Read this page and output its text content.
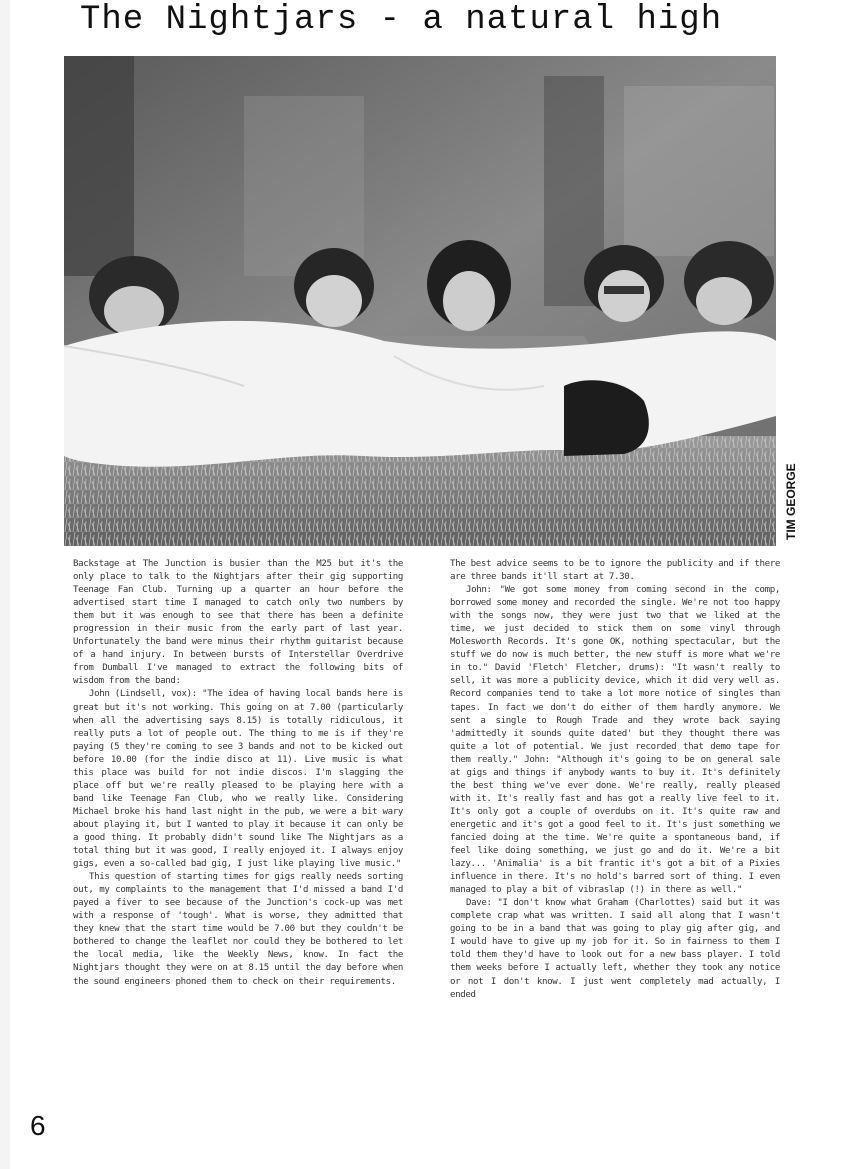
The Nightjars - a natural high
TIM GEORGE

Backstage at The Junction is busier than the M25 but it's the only place to talk to the Nightjars after their gig supporting Teenage Fan Club. Turning up a quarter an hour before the advertised start time I managed to catch only two numbers by them but it was enough to see that there has been a definite progression in their music from the early part of last year. Unfortunately the band were minus their rhythm guitarist because of a hand injury. In between bursts of Interstellar Overdrive from Dumball I've managed to extract the following bits of wisdom from the band:

John (Lindsell, vox): "The idea of having local bands here is great but it's not working. This going on at 7.00 (particularly when all the advertising says 8.15) is totally ridiculous, it really puts a lot of people out. The thing to me is if they're paying (5 they're coming to see 3 bands and not to be kicked out before 10.00 (for the indie disco at 11). Live music is what this place was build for not indie discos. I'm slagging the place off but we're really pleased to be playing here with a band like Teenage Fan Club, who we really like. Considering Michael broke his hand last night in the pub, we were a bit wary about playing it, but I wanted to play it because it can only be a good thing. It probably didn't sound like The Nightjars as a total thing but it was good, I really enjoyed it. I always enjoy gigs, even a so-called bad gig, I just like playing live music."

This question of starting times for gigs really needs sorting out, my complaints to the management that I'd missed a band I'd payed a fiver to see because of the Junction's cock-up was met with a response of 'tough'. What is worse, they admitted that they knew that the start time would be 7.00 but they couldn't be bothered to change the leaflet nor could they be bothered to let the local media, like the Weekly News, know. In fact the Nightjars thought they were on at 8.15 until the day before when the sound engineers phoned them to check on their requirements.

The best advice seems to be to ignore the publicity and if there are three bands it'll start at 7.30.

John: "We got some money from coming second in the comp, borrowed some money and recorded the single. We're not too happy with the songs now, they were just two that we liked at the time, we just decided to stick them on some vinyl through Molesworth Records. It's gone OK, nothing spectacular, but the stuff we do now is much better, the new stuff is more what we're in to." David 'Fletch' Fletcher, drums): "It wasn't really to sell, it was more a publicity device, which it did very well as. Record companies tend to take a lot more notice of singles than tapes. In fact we don't do either of them hardly anymore. We sent a single to Rough Trade and they wrote back saying 'admittedly it sounds quite dated' but they thought there was quite a lot of potential. We just recorded that demo tape for them really." John: "Although it's going to be on general sale at gigs and things if anybody wants to buy it. It's definitely the best thing we've ever done. We're really, really pleased with it. It's really fast and has got a really live feel to it. It's only got a couple of overdubs on it. It's quite raw and energetic and it's got a good feel to it. It's just something we fancied doing at the time. We're quite a spontaneous band, if feel like doing something, we just go and do it. We're a bit lazy... 'Animalia' is a bit frantic it's got a bit of a Pixies influence in there. It's no hold's barred sort of thing. I even managed to play a bit of vibraslap (!) in there as well."

Dave: "I don't know what Graham (Charlottes) said but it was complete crap what was written. I said all along that I wasn't going to be in a band that was going to play gig after gig, and I would have to give up my job for it. So in fairness to them I told them they'd have to look out for a new bass player. I told them weeks before I actually left, whether they took any notice or not I don't know. I just went completely mad actually, I ended

6
